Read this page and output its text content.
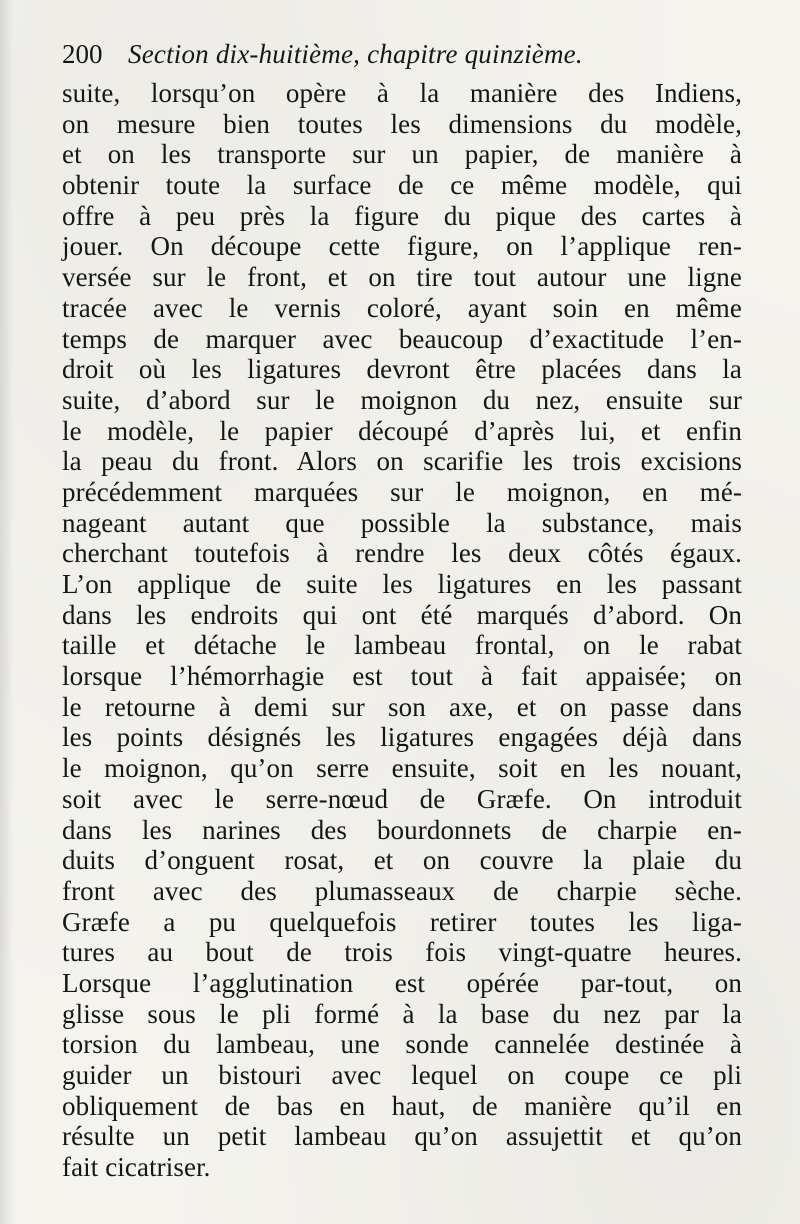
200 Section dix-huitième, chapitre quinzième.
suite, lorsqu’on opère à la manière des Indiens,
on mesure bien toutes les dimensions du modèle,
et on les transporte sur un papier, de manière à
obtenir toute la surface de ce même modèle, qui
offre à peu près la figure du pique des cartes à
jouer. On découpe cette figure, on l’applique ren-
versée sur le front, et on tire tout autour une ligne
tracée avec le vernis coloré, ayant soin en même
temps de marquer avec beaucoup d’exactitude l’en-
droit où les ligatures devront être placées dans la
suite, d’abord sur le moignon du nez, ensuite sur
le modèle, le papier découpé d’après lui, et enfin
la peau du front. Alors on scarifie les trois excisions
précédemment marquées sur le moignon, en mé-
nageant autant que possible la substance, mais
cherchant toutefois à rendre les deux côtés égaux.
L’on applique de suite les ligatures en les passant
dans les endroits qui ont été marqués d’abord. On
taille et détache le lambeau frontal, on le rabat
lorsque l’hémorrhagie est tout à fait appaisée; on
le retourne à demi sur son axe, et on passe dans
les points désignés les ligatures engagées déjà dans
le moignon, qu’on serre ensuite, soit en les nouant,
soit avec le serre-nœud de Græfe. On introduit
dans les narines des bourdonnets de charpie en-
duits d’onguent rosat, et on couvre la plaie du
front avec des plumasseaux de charpie sèche.
Græfe a pu quelquefois retirer toutes les liga-
tures au bout de trois fois vingt-quatre heures.
Lorsque l’agglutination est opérée par-tout, on
glisse sous le pli formé à la base du nez par la
torsion du lambeau, une sonde cannelée destinée à
guider un bistouri avec lequel on coupe ce pli
obliquement de bas en haut, de manière qu’il en
résulte un petit lambeau qu’on assujettit et qu’on
fait cicatriser.
